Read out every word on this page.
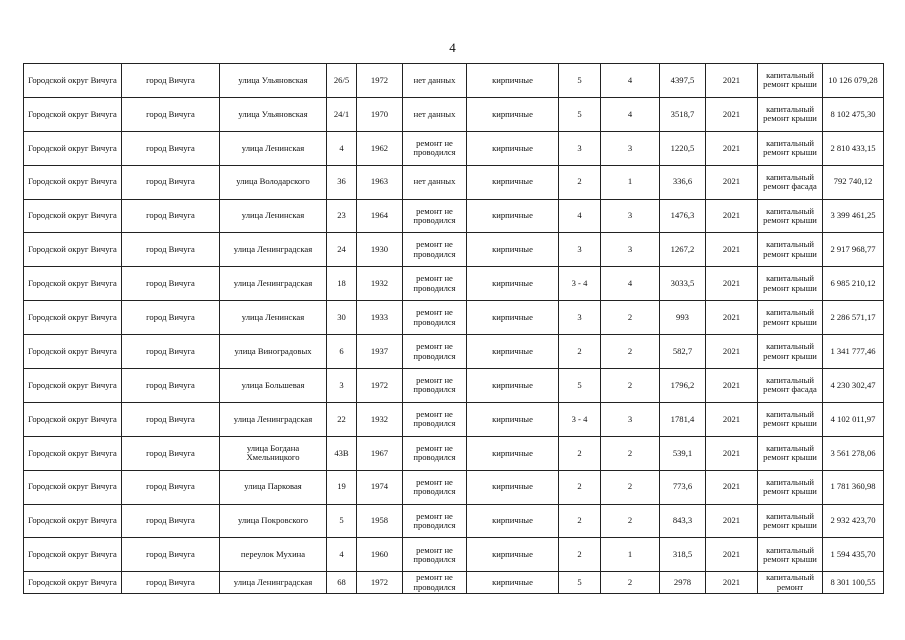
4
Городской округ Вичуга	город Вичуга	улица Ульяновская	26/5	1972	нет данных	кирпичные	5	4	4397,5	2021	капитальный ремонт крыши	10 126 079,28

Городской округ Вичуга	город Вичуга	улица Ульяновская	24/1	1970	нет данных	кирпичные	5	4	3518,7	2021	капитальный ремонт крыши	8 102 475,30

Городской округ Вичуга	город Вичуга	улица Ленинская	4	1962	ремонт не проводился	кирпичные	3	3	1220,5	2021	капитальный ремонт крыши	2 810 433,15

Городской округ Вичуга	город Вичуга	улица Володарского	36	1963	нет данных	кирпичные	2	1	336,6	2021	капитальный ремонт фасада	792 740,12

Городской округ Вичуга	город Вичуга	улица Ленинская	23	1964	ремонт не проводился	кирпичные	4	3	1476,3	2021	капитальный ремонт крыши	3 399 461,25

Городской округ Вичуга	город Вичуга	улица Ленинградская	24	1930	ремонт не проводился	кирпичные	3	3	1267,2	2021	капитальный ремонт крыши	2 917 968,77

Городской округ Вичуга	город Вичуга	улица Ленинградская	18	1932	ремонт не проводился	кирпичные	3 - 4	4	3033,5	2021	капитальный ремонт крыши	6 985 210,12

Городской округ Вичуга	город Вичуга	улица Ленинская	30	1933	ремонт не проводился	кирпичные	3	2	993	2021	капитальный ремонт крыши	2 286 571,17

Городской округ Вичуга	город Вичуга	улица Виноградовых	6	1937	ремонт не проводился	кирпичные	2	2	582,7	2021	капитальный ремонт крыши	1 341 777,46

Городской округ Вичуга	город Вичуга	улица Большевая	3	1972	ремонт не проводился	кирпичные	5	2	1796,2	2021	капитальный ремонт фасада	4 230 302,47

Городской округ Вичуга	город Вичуга	улица Ленинградская	22	1932	ремонт не проводился	кирпичные	3 - 4	3	1781,4	2021	капитальный ремонт крыши	4 102 011,97

Городской округ Вичуга	город Вичуга	улица Богдана Хмельницкого	43В	1967	ремонт не проводился	кирпичные	2	2	539,1	2021	капитальный ремонт крыши	3 561 278,06

Городской округ Вичуга	город Вичуга	улица Парковая	19	1974	ремонт не проводился	кирпичные	2	2	773,6	2021	капитальный ремонт крыши	1 781 360,98

Городской округ Вичуга	город Вичуга	улица Покровского	5	1958	ремонт не проводился	кирпичные	2	2	843,3	2021	капитальный ремонт крыши	2 932 423,70

Городской округ Вичуга	город Вичуга	переулок Мухина	4	1960	ремонт не проводился	кирпичные	2	1	318,5	2021	капитальный ремонт крыши	1 594 435,70

Городской округ Вичуга	город Вичуга	улица Ленинградская	68	1972	ремонт не проводился	кирпичные	5	2	2978	2021	капитальный ремонт	8 301 100,55
